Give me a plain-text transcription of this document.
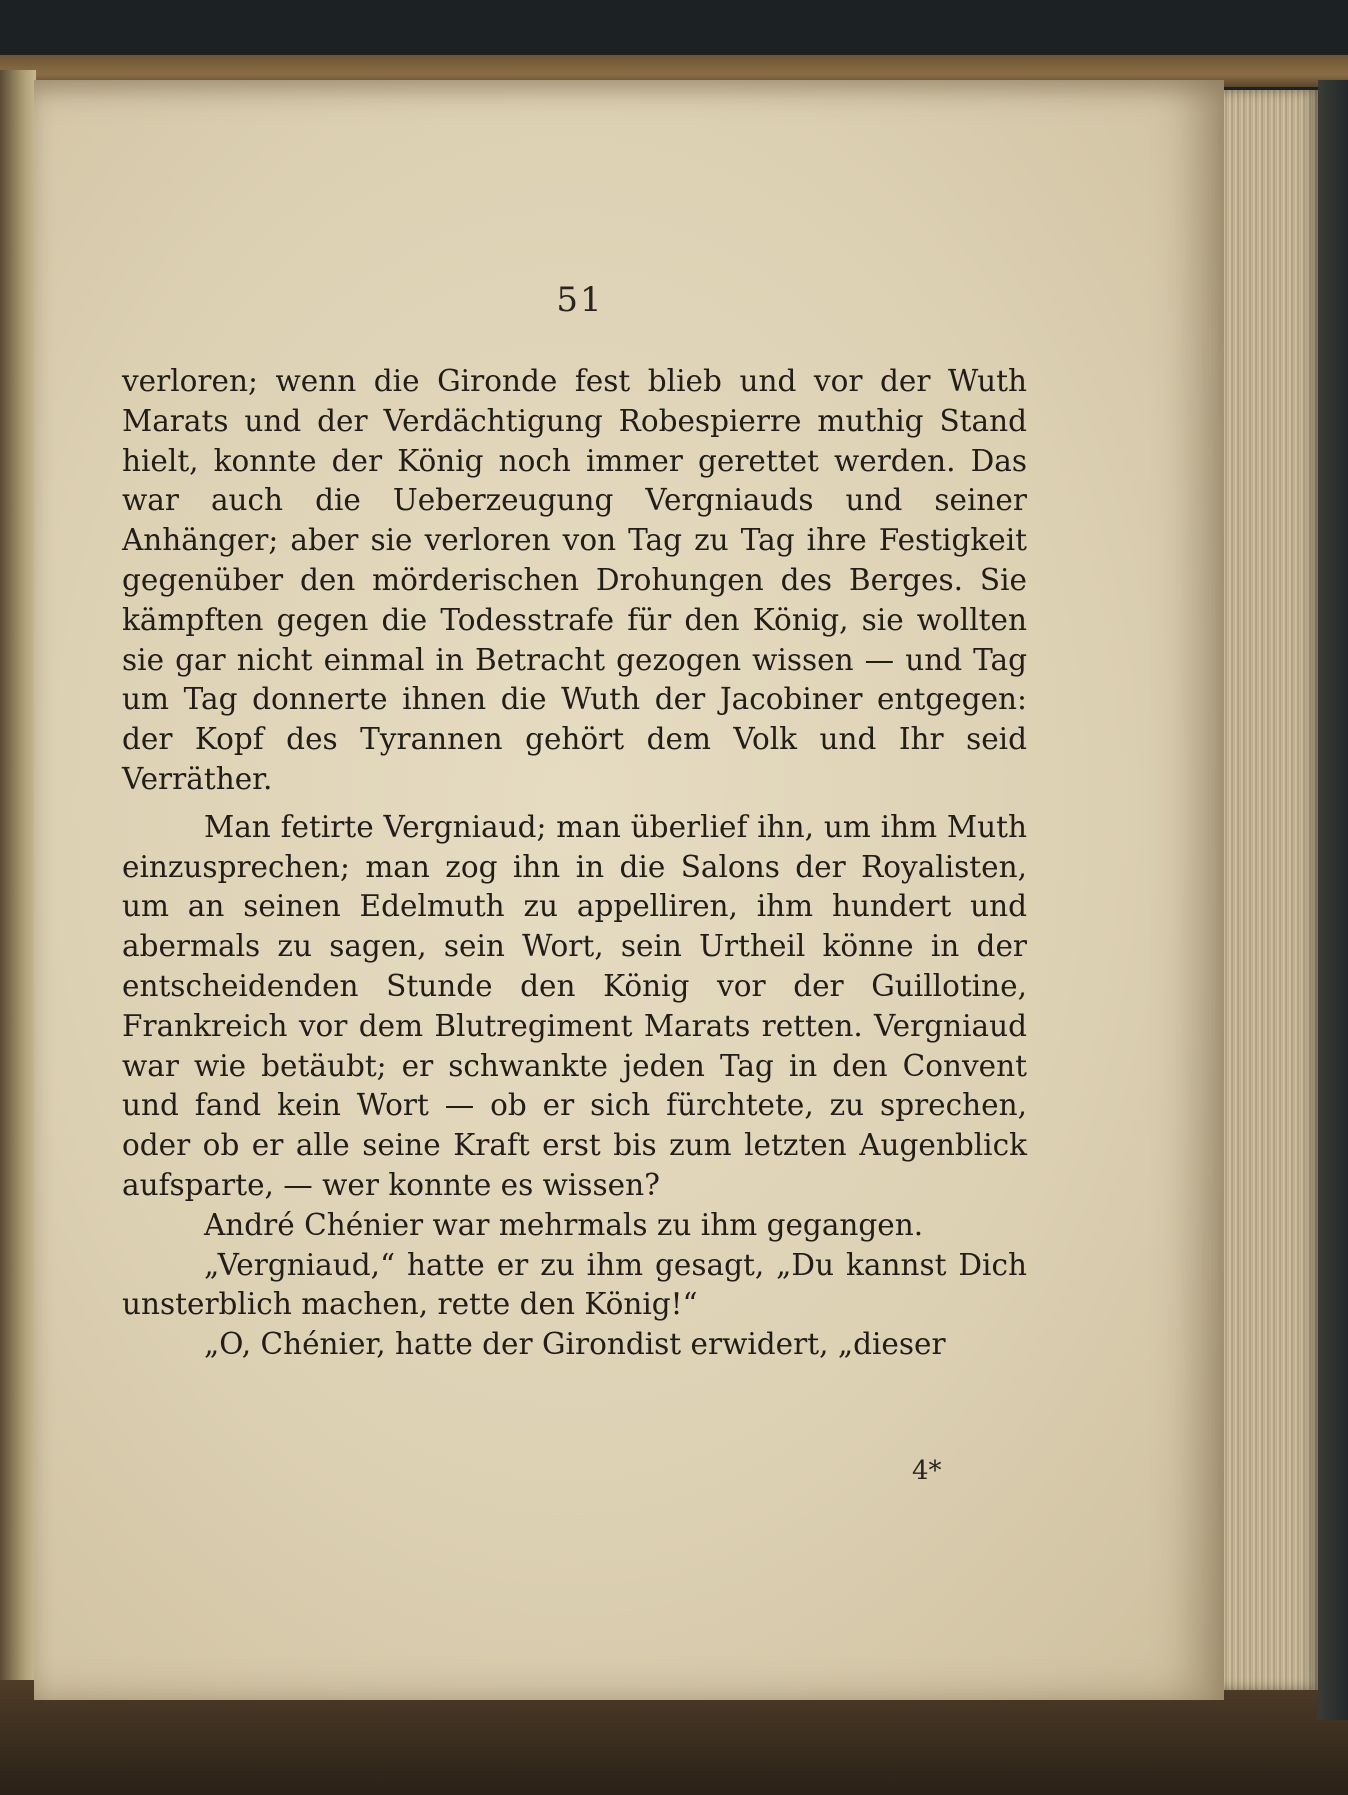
51

verloren; wenn die Gironde fest blieb und vor der Wuth Marats und der Verdächtigung Robespierre muthig Stand hielt, konnte der König noch immer gerettet werden. Das war auch die Ueberzeugung Vergniauds und seiner Anhänger; aber sie verloren von Tag zu Tag ihre Festigkeit gegenüber den mörderischen Drohungen des Berges. Sie kämpften gegen die Todesstrafe für den König, sie wollten sie gar nicht einmal in Betracht gezogen wissen — und Tag um Tag donnerte ihnen die Wuth der Jacobiner entgegen: der Kopf des Tyrannen gehört dem Volk und Ihr seid Verräther.

Man fetirte Vergniaud; man überlief ihn, um ihm Muth einzusprechen; man zog ihn in die Salons der Royalisten, um an seinen Edelmuth zu appelliren, ihm hundert und abermals zu sagen, sein Wort, sein Urtheil könne in der entscheidenden Stunde den König vor der Guillotine, Frankreich vor dem Blutregiment Marats retten. Vergniaud war wie betäubt; er schwankte jeden Tag in den Convent und fand kein Wort — ob er sich fürchtete, zu sprechen, oder ob er alle seine Kraft erst bis zum letzten Augenblick aufsparte, — wer konnte es wissen?

André Chénier war mehrmals zu ihm gegangen.

„Vergniaud,“ hatte er zu ihm gesagt, „Du kannst Dich unsterblich machen, rette den König!“

„O, Chénier, hatte der Girondist erwidert, „dieser

4*
